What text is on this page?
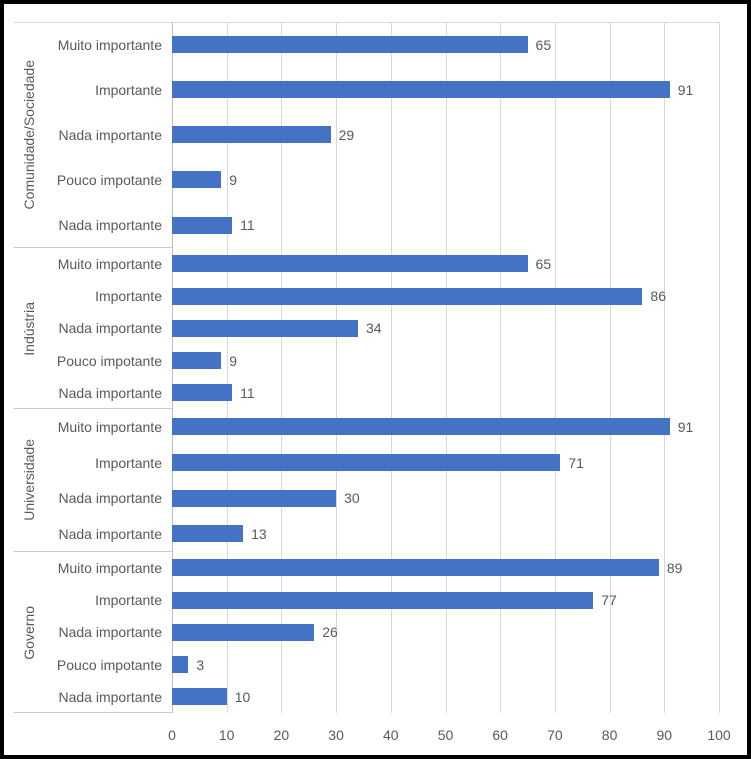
Comunidade/Sociedade
Muito importante	65
Importante	91
Nada importante	29
Pouco impotante	9
Nada importante	11
Indústria
Muito importante	65
Importante	86
Nada importante	34
Pouco impotante	9
Nada importante	11
Universidade
Muito importante	91
Importante	71
Nada importante	30
Nada importante	13
Governo
Muito importante	89
Importante	77
Nada importante	26
Pouco impotante	3
Nada importante	10
0	10	20	30	40	50	60	70	80	90	100
